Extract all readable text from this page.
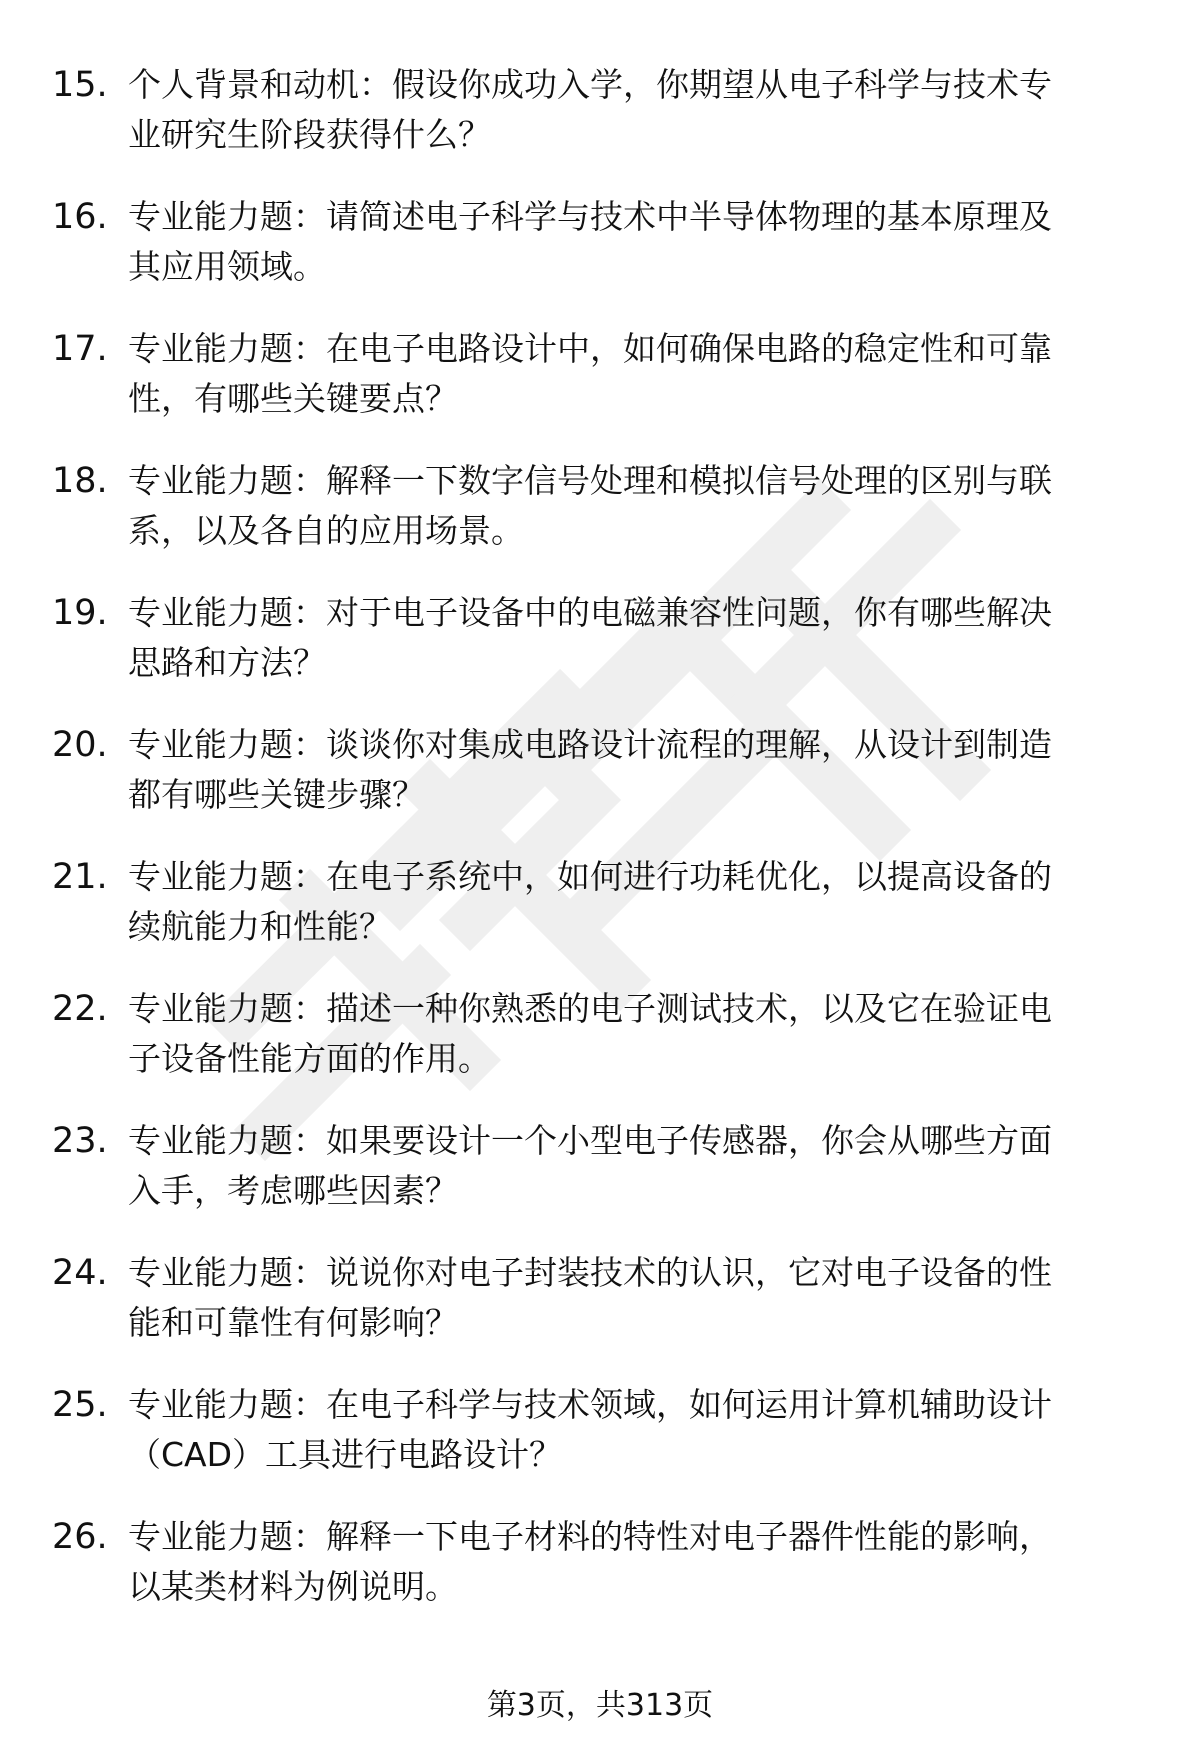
15. 个人背景和动机：假设你成功入学，你期望从电子科学与技术专
业研究生阶段获得什么？
16. 专业能力题：请简述电子科学与技术中半导体物理的基本原理及
其应用领域。
17. 专业能力题：在电子电路设计中，如何确保电路的稳定性和可靠
性，有哪些关键要点？
18. 专业能力题：解释一下数字信号处理和模拟信号处理的区别与联
系，以及各自的应用场景。
19. 专业能力题：对于电子设备中的电磁兼容性问题，你有哪些解决
思路和方法？
20. 专业能力题：谈谈你对集成电路设计流程的理解，从设计到制造
都有哪些关键步骤？
21. 专业能力题：在电子系统中，如何进行功耗优化，以提高设备的
续航能力和性能？
22. 专业能力题：描述一种你熟悉的电子测试技术，以及它在验证电
子设备性能方面的作用。
23. 专业能力题：如果要设计一个小型电子传感器，你会从哪些方面
入手，考虑哪些因素？
24. 专业能力题：说说你对电子封装技术的认识，它对电子设备的性
能和可靠性有何影响？
25. 专业能力题：在电子科学与技术领域，如何运用计算机辅助设计
（CAD）工具进行电路设计？
26. 专业能力题：解释一下电子材料的特性对电子器件性能的影响，
以某类材料为例说明。
第3页，共313页
